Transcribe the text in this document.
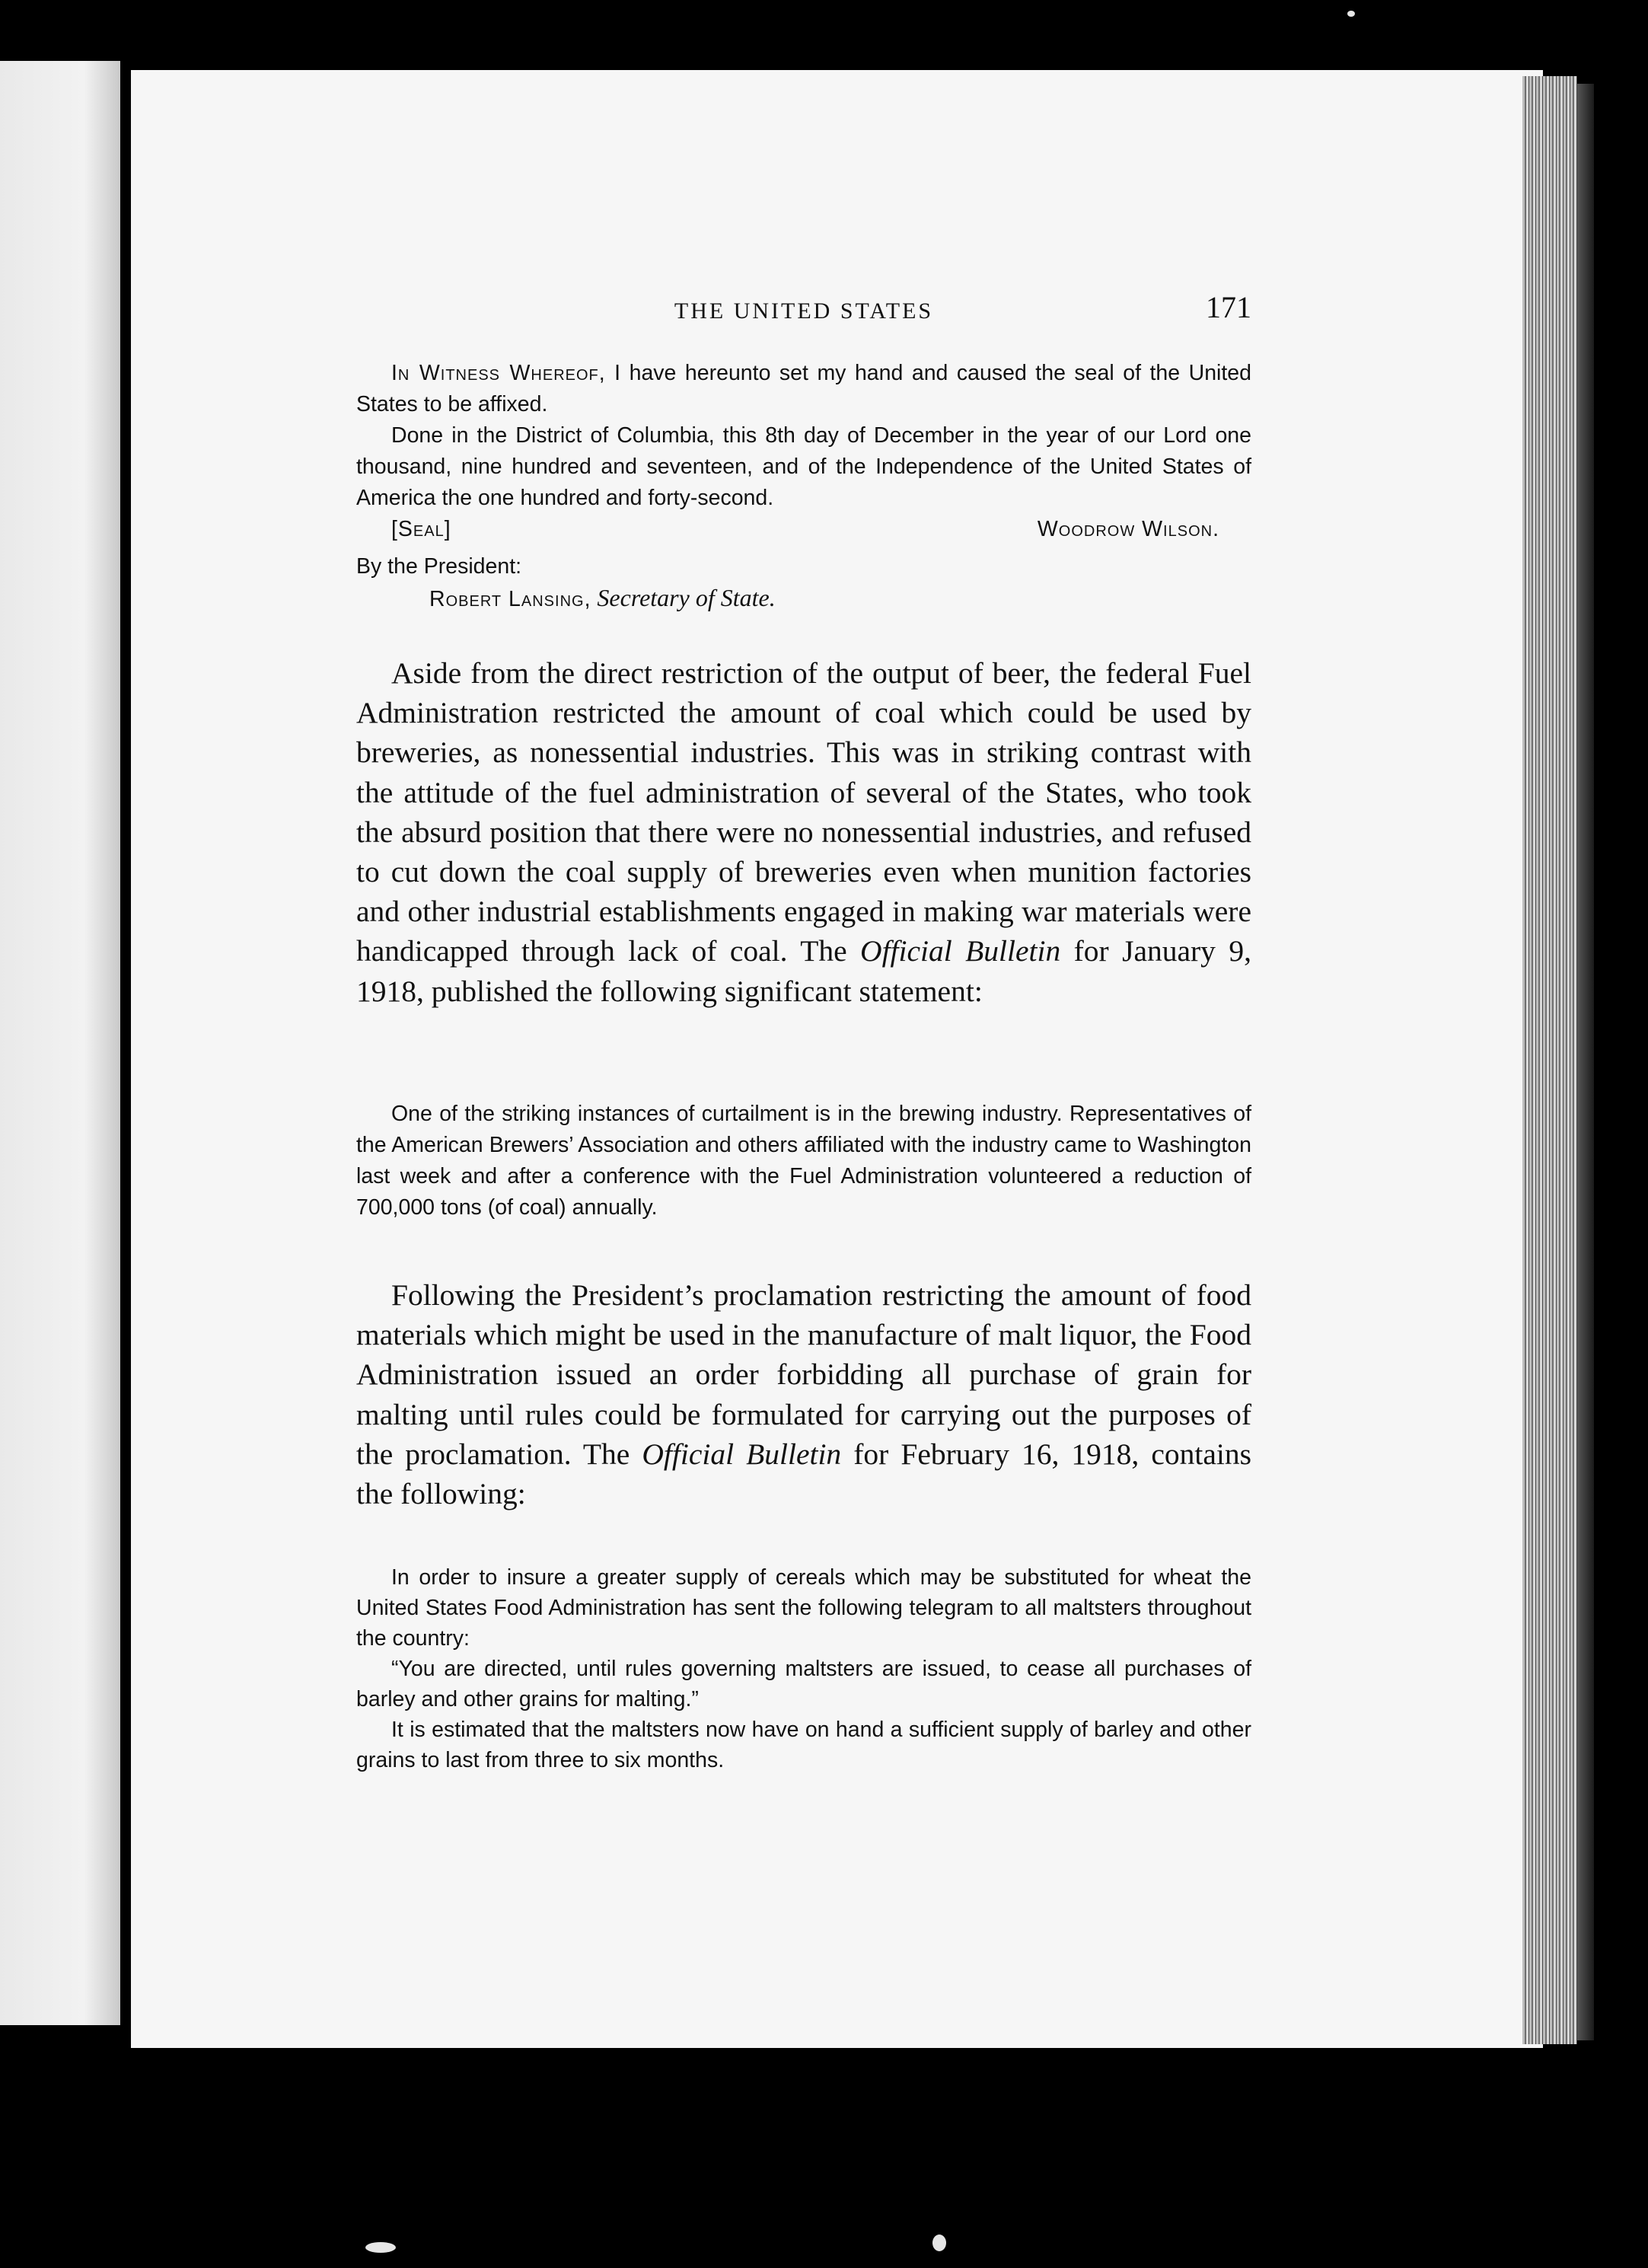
THE UNITED STATES	171

In Witness Whereof, I have hereunto set my hand and caused the seal of the United States to be affixed.

Done in the District of Columbia, this 8th day of December in the year of our Lord one thousand, nine hundred and seventeen, and of the Independence of the United States of America the one hundred and forty-second.

[Seal]	Woodrow Wilson.

By the President:

Robert Lansing, Secretary of State.

Aside from the direct restriction of the output of beer, the federal Fuel Administration restricted the amount of coal which could be used by breweries, as nonessential industries. This was in striking contrast with the attitude of the fuel administration of several of the States, who took the absurd position that there were no nonessential industries, and refused to cut down the coal supply of breweries even when munition factories and other industrial establishments engaged in making war materials were handicapped through lack of coal. The Official Bulletin for January 9, 1918, published the following significant statement:

One of the striking instances of curtailment is in the brewing industry. Representatives of the American Brewers’ Association and others affiliated with the industry came to Washington last week and after a conference with the Fuel Administration volunteered a reduction of 700,000 tons (of coal) annually.

Following the President’s proclamation restricting the amount of food materials which might be used in the manufacture of malt liquor, the Food Administration issued an order forbidding all purchase of grain for malting until rules could be formulated for carrying out the purposes of the proclamation. The Official Bulletin for February 16, 1918, contains the following:

In order to insure a greater supply of cereals which may be substituted for wheat the United States Food Administration has sent the following telegram to all maltsters throughout the country:

“You are directed, until rules governing maltsters are issued, to cease all purchases of barley and other grains for malting.”

It is estimated that the maltsters now have on hand a sufficient supply of barley and other grains to last from three to six months.
